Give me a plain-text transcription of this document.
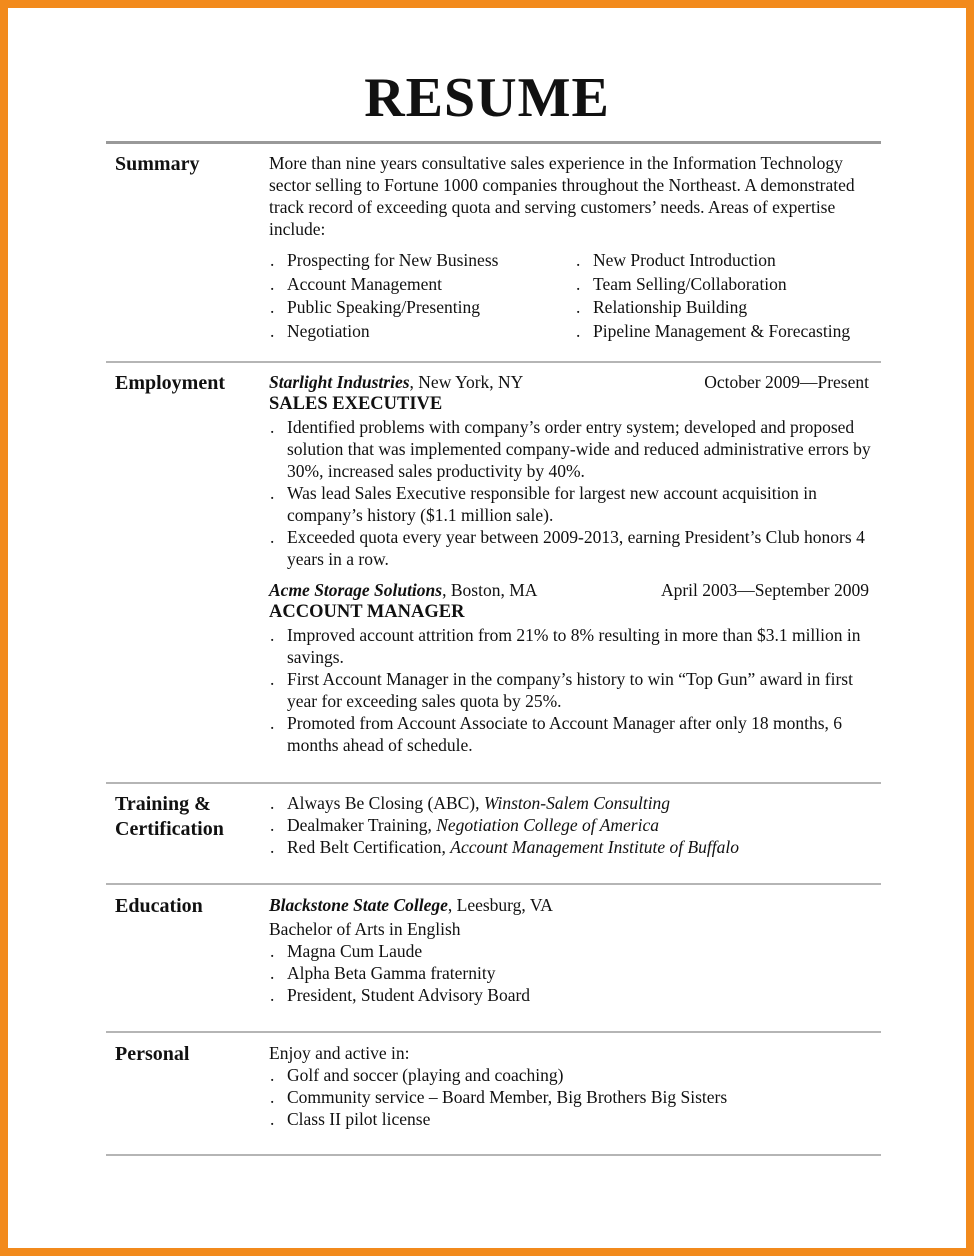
RESUME
Summary	More than nine years consultative sales experience in the Information Technology sector selling to Fortune 1000 companies throughout the Northeast. A demonstrated track record of exceeding quota and serving customers’ needs. Areas of expertise include:

. Prospecting for New Business
. Account Management
. Public Speaking/Presenting
. Negotiation
. New Product Introduction
. Team Selling/Collaboration
. Relationship Building
. Pipeline Management & Forecasting
Employment	Starlight Industries, New York, NY	October 2009—Present
SALES EXECUTIVE
. Identified problems with company’s order entry system; developed and proposed solution that was implemented company-wide and reduced administrative errors by 30%, increased sales productivity by 40%.
. Was lead Sales Executive responsible for largest new account acquisition in company’s history ($1.1 million sale).
. Exceeded quota every year between 2009-2013, earning President’s Club honors 4 years in a row.
Acme Storage Solutions, Boston, MA	April 2003—September 2009
ACCOUNT MANAGER
. Improved account attrition from 21% to 8% resulting in more than $3.1 million in savings.
. First Account Manager in the company’s history to win “Top Gun” award in first year for exceeding sales quota by 25%.
. Promoted from Account Associate to Account Manager after only 18 months, 6 months ahead of schedule.
Training &
Certification
. Always Be Closing (ABC), Winston-Salem Consulting
. Dealmaker Training, Negotiation College of America
. Red Belt Certification, Account Management Institute of Buffalo
Education	Blackstone State College, Leesburg, VA
Bachelor of Arts in English
. Magna Cum Laude
. Alpha Beta Gamma fraternity
. President, Student Advisory Board
Personal	Enjoy and active in:
. Golf and soccer (playing and coaching)
. Community service – Board Member, Big Brothers Big Sisters
. Class II pilot license
